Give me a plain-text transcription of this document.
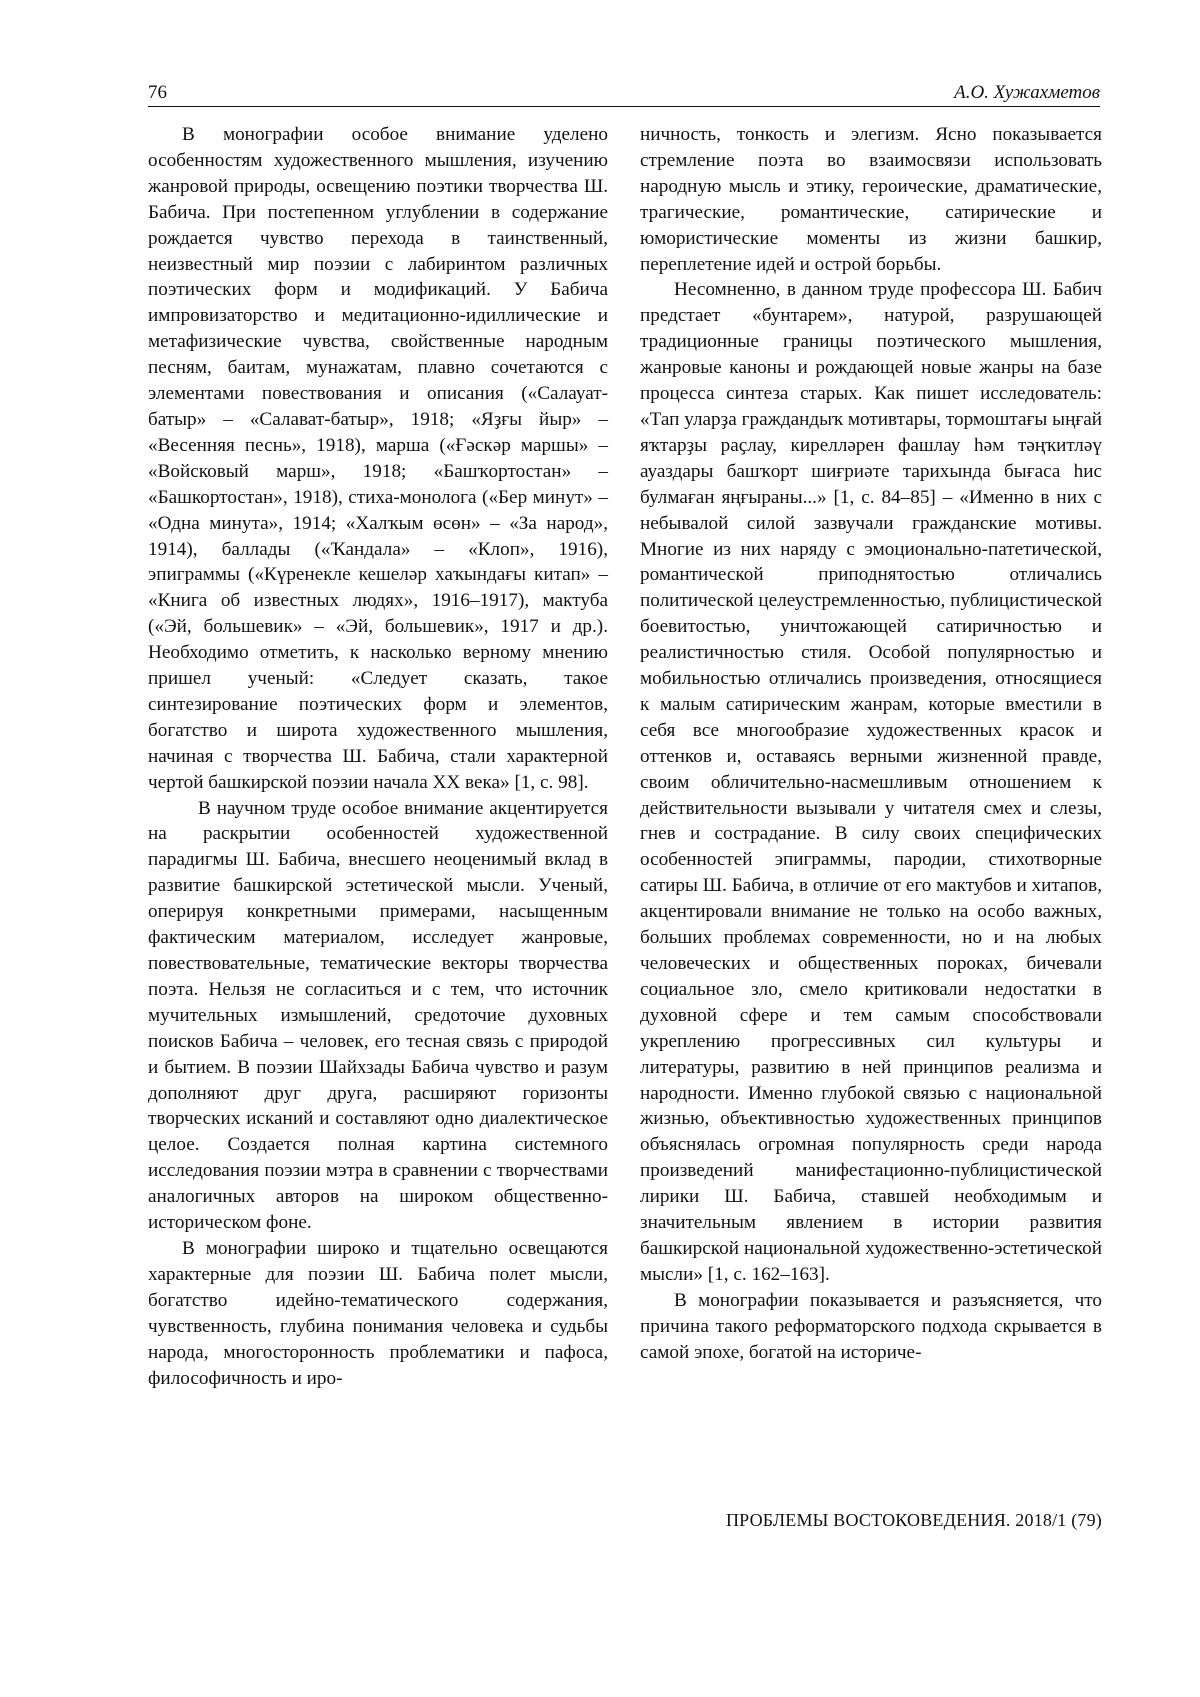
76	А.О. Хужахметов

В монографии особое внимание уделено особенностям художественного мышления, изучению жанровой природы, освещению поэтики творчества Ш. Бабича. При постепенном углублении в содержание рождается чувство перехода в таинственный, неизвестный мир поэзии с лабиринтом различных поэтических форм и модификаций. У Бабича импровизаторство и медитационно-идиллические и метафизические чувства, свойственные народным песням, баитам, мунажатам, плавно сочетаются с элементами повествования и описания («Салауат-батыр» – «Салават-батыр», 1918; «Яҙғы йыр» – «Весенняя песнь», 1918), марша («Ғәскәр маршы» – «Войсковый марш», 1918; «Башҡортостан» – «Башкортостан», 1918), стиха-монолога («Бер минут» – «Одна минута», 1914; «Халҡым өсөн» – «За народ», 1914), баллады («Ҡандала» – «Клоп», 1916), эпиграммы («Күренекле кешеләр хаҡындағы китап» – «Книга об известных людях», 1916–1917), мактуба («Эй, большевик» – «Эй, большевик», 1917 и др.). Необходимо отметить, к насколько верному мнению пришел ученый: «Следует сказать, такое синтезирование поэтических форм и элементов, богатство и широта художественного мышления, начиная с творчества Ш. Бабича, стали характерной чертой башкирской поэзии начала ХХ века» [1, с. 98].

В научном труде особое внимание акцентируется на раскрытии особенностей художественной парадигмы Ш. Бабича, внесшего неоценимый вклад в развитие башкирской эстетической мысли. Ученый, оперируя конкретными примерами, насыщенным фактическим материалом, исследует жанровые, повествовательные, тематические векторы творчества поэта. Нельзя не согласиться и с тем, что источник мучительных измышлений, средоточие духовных поисков Бабича – человек, его тесная связь с природой и бытием. В поэзии Шайхзады Бабича чувство и разум дополняют друг друга, расширяют горизонты творческих исканий и составляют одно диалектическое целое. Создается полная картина системного исследования поэзии мэтра в сравнении с творчествами аналогичных авторов на широком общественно-историческом фоне.

В монографии широко и тщательно освещаются характерные для поэзии Ш. Бабича полет мысли, богатство идейно-тематического содержания, чувственность, глубина понимания человека и судьбы народа, многосторонность проблематики и пафоса, философичность и иро-

ничность, тонкость и элегизм. Ясно показывается стремление поэта во взаимосвязи использовать народную мысль и этику, героические, драматические, трагические, романтические, сатирические и юмористические моменты из жизни башкир, переплетение идей и острой борьбы.

Несомненно, в данном труде профессора Ш. Бабич предстает «бунтарем», натурой, разрушающей традиционные границы поэтического мышления, жанровые каноны и рождающей новые жанры на базе процесса синтеза старых. Как пишет исследователь: «Тап уларҙа граждандыҡ мотивтары, тормоштағы ыңғай яҡтарҙы раҫлау, кирелләрен фашлау һәм тәңҡитләү ауаздары башҡорт шиғриәте тарихында бығаса һис булмаған яңғыраны...» [1, с. 84–85] – «Именно в них с небывалой силой зазвучали гражданские мотивы. Многие из них наряду с эмоционально-патетической, романтической приподнятостью отличались политической целеустремленностью, публицистической боевитостью, уничтожающей сатиричностью и реалистичностью стиля. Особой популярностью и мобильностью отличались произведения, относящиеся к малым сатирическим жанрам, которые вместили в себя все многообразие художественных красок и оттенков и, оставаясь верными жизненной правде, своим обличительно-насмешливым отношением к действительности вызывали у читателя смех и слезы, гнев и сострадание. В силу своих специфических особенностей эпиграммы, пародии, стихотворные сатиры Ш. Бабича, в отличие от его мактубов и хитапов, акцентировали внимание не только на особо важных, больших проблемах современности, но и на любых человеческих и общественных пороках, бичевали социальное зло, смело критиковали недостатки в духовной сфере и тем самым способствовали укреплению прогрессивных сил культуры и литературы, развитию в ней принципов реализма и народности. Именно глубокой связью с национальной жизнью, объективностью художественных принципов объяснялась огромная популярность среди народа произведений манифестационно-публицистической лирики Ш. Бабича, ставшей необходимым и значительным явлением в истории развития башкирской национальной художественно-эстетической мысли» [1, с. 162–163].

В монографии показывается и разъясняется, что причина такого реформаторского подхода скрывается в самой эпохе, богатой на историче-

ПРОБЛЕМЫ ВОСТОКОВЕДЕНИЯ. 2018/1 (79)
